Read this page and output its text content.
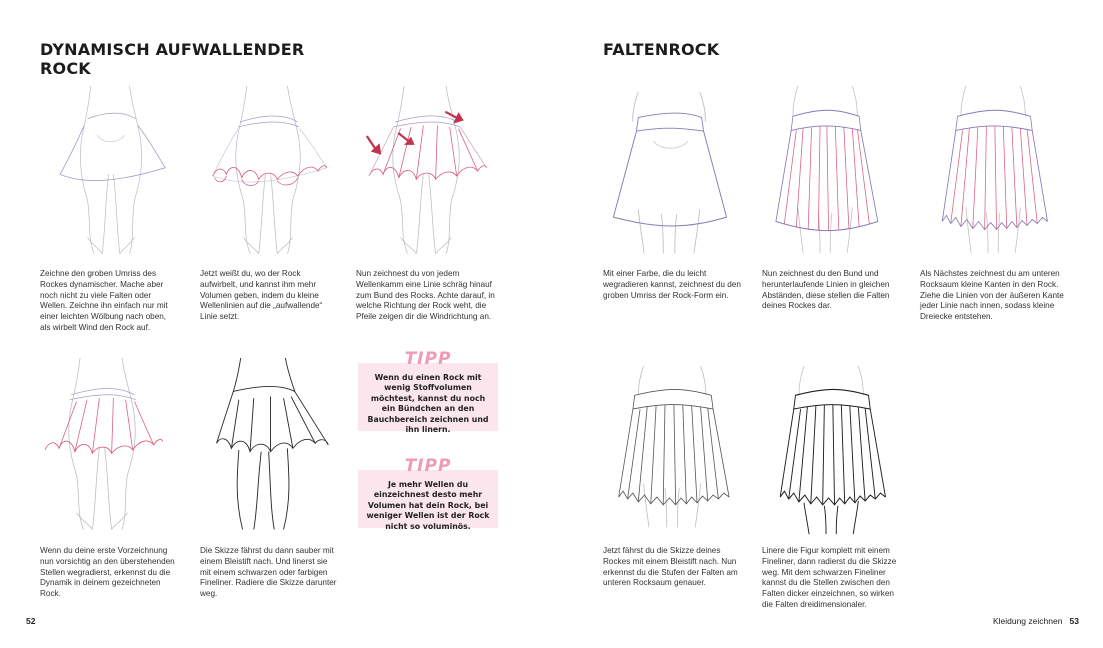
DYNAMISCH AUFWALLENDER
ROCK

Zeichne den groben Umriss des Rockes dynamischer. Mache aber noch nicht zu viele Falten oder Wellen. Zeichne ihn einfach nur mit einer leichten Wölbung nach oben, als wirbelt Wind den Rock auf.

Jetzt weißt du, wo der Rock aufwirbelt, und kannst ihm mehr Volumen geben, indem du kleine Wellenlinien auf die „aufwallende“ Linie setzt.

Nun zeichnest du von jedem Wellenkamm eine Linie schräg hinauf zum Bund des Rocks. Achte darauf, in welche Richtung der Rock weht, die Pfeile zeigen dir die Windrichtung an.

Wenn du deine erste Vorzeichnung nun vorsichtig an den überstehenden Stellen wegradierst, erkennst du die Dynamik in deinem gezeichneten Rock.

Die Skizze fährst du dann sauber mit einem Bleistift nach. Und linerst sie mit einem schwarzen oder farbigen Fineliner. Radiere die Skizze darunter weg.

TIPP
Wenn du einen Rock mit wenig Stoffvolumen möchtest, kannst du noch ein Bündchen an den Bauchbereich zeichnen und ihn linern.
TIPP
Je mehr Wellen du einzeichnest desto mehr Volumen hat dein Rock, bei weniger Wellen ist der Rock nicht so voluminös.
52
FALTENROCK

Mit einer Farbe, die du leicht wegradieren kannst, zeichnest du den groben Umriss der Rock-Form ein.

Nun zeichnest du den Bund und herunterlaufende Linien in gleichen Abständen, diese stellen die Falten deines Rockes dar.

Als Nächstes zeichnest du am unteren Rocksaum kleine Kanten in den Rock. Ziehe die Linien von der äußeren Kante jeder Linie nach innen, sodass kleine Dreiecke entstehen.

Jetzt fährst du die Skizze deines Rockes mit einem Bleistift nach. Nun erkennst du die Stufen der Falten am unteren Rocksaum genauer.

Linere die Figur komplett mit einem Fineliner, dann radierst du die Skizze weg. Mit dem schwarzen Fineliner kannst du die Stellen zwischen den Falten dicker einzeichnen, so wirken die Falten dreidimensionaler.

Kleidung zeichnen 53
